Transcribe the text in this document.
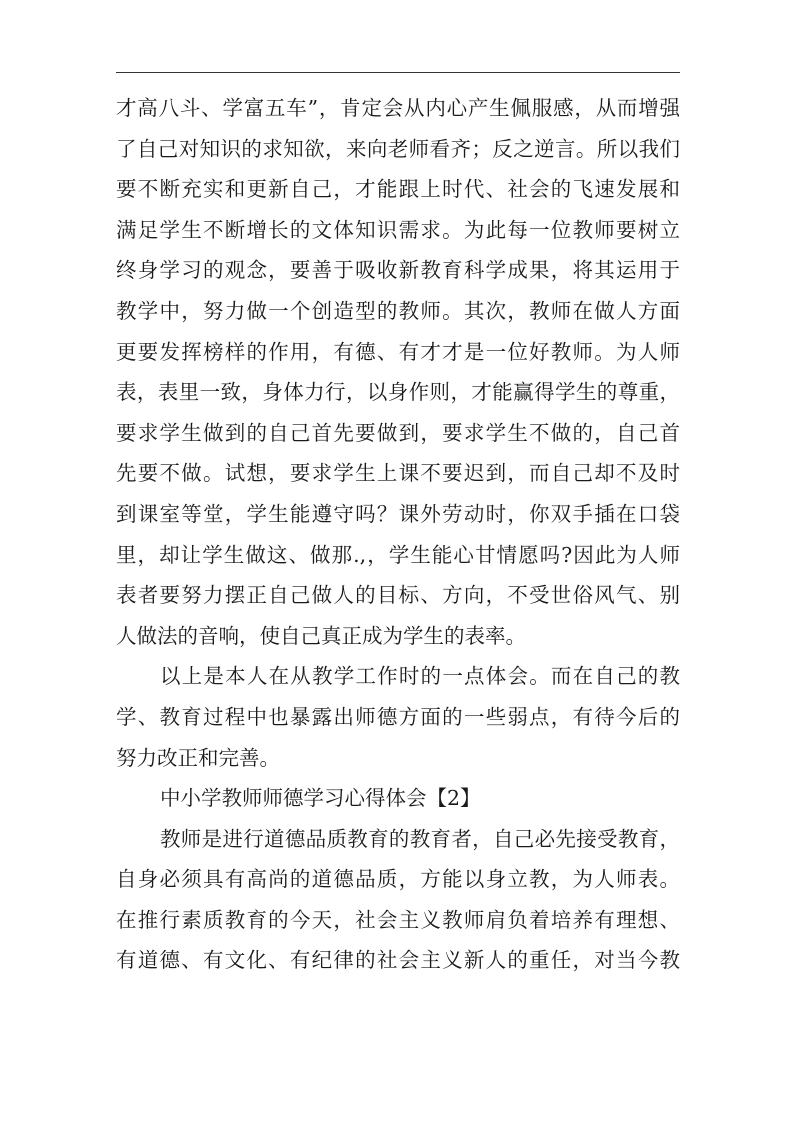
才高八斗、学富五车”，肯定会从内心产生佩服感，从而增强
了自己对知识的求知欲，来向老师看齐；反之逆言。所以我们
要不断充实和更新自己，才能跟上时代、社会的飞速发展和
满足学生不断增长的文体知识需求。为此每一位教师要树立
终身学习的观念，要善于吸收新教育科学成果，将其运用于
教学中，努力做一个创造型的教师。其次，教师在做人方面
更要发挥榜样的作用，有德、有才才是一位好教师。为人师
表，表里一致，身体力行，以身作则，才能赢得学生的尊重，
要求学生做到的自己首先要做到，要求学生不做的，自己首
先要不做。试想，要求学生上课不要迟到，而自己却不及时
到课室等堂，学生能遵守吗？课外劳动时，你双手插在口袋
里，却让学生做这、做那.,，学生能心甘情愿吗?因此为人师
表者要努力摆正自己做人的目标、方向，不受世俗风气、别
人做法的音响，使自己真正成为学生的表率。
以上是本人在从教学工作时的一点体会。而在自己的教
学、教育过程中也暴露出师德方面的一些弱点，有待今后的
努力改正和完善。
中小学教师师德学习心得体会【2】
教师是进行道德品质教育的教育者，自己必先接受教育，
自身必须具有高尚的道德品质，方能以身立教，为人师表。
在推行素质教育的今天，社会主义教师肩负着培养有理想、
有道德、有文化、有纪律的社会主义新人的重任，对当今教
